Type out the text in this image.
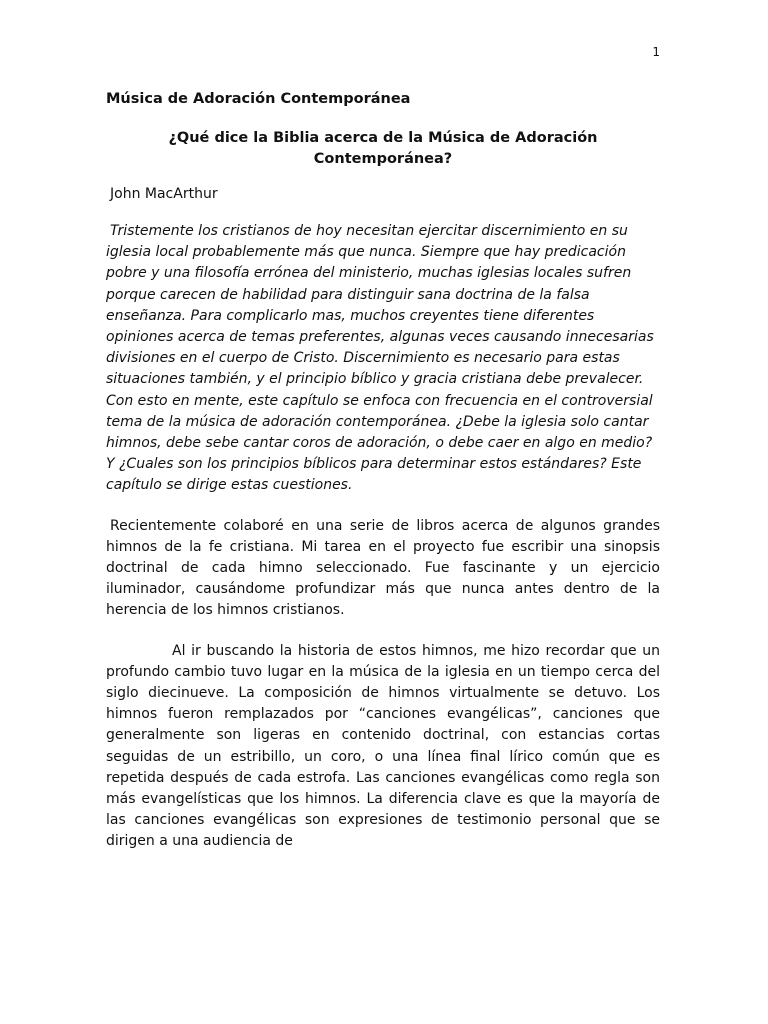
1
Música de Adoración Contemporánea
¿Qué dice la Biblia acerca de la Música de Adoración Contemporánea?

John MacArthur

Tristemente los cristianos de hoy necesitan ejercitar discernimiento en su iglesia local probablemente más que nunca. Siempre que hay predicación pobre y una filosofía errónea del ministerio, muchas iglesias locales sufren porque carecen de habilidad para distinguir sana doctrina de la falsa enseñanza. Para complicarlo mas, muchos creyentes tiene diferentes opiniones acerca de temas preferentes, algunas veces causando innecesarias divisiones en el cuerpo de Cristo. Discernimiento es necesario para estas situaciones también, y el principio bíblico y gracia cristiana debe prevalecer. Con esto en mente, este capítulo se enfoca con frecuencia en el controversial tema de la música de adoración contemporánea. ¿Debe la iglesia solo cantar himnos, debe sebe cantar coros de adoración, o debe caer en algo en medio? Y ¿Cuales son los principios bíblicos para determinar estos estándares? Este capítulo se dirige estas cuestiones.

Recientemente colaboré en una serie de libros acerca de algunos grandes himnos de la fe cristiana. Mi tarea en el proyecto fue escribir una sinopsis doctrinal de cada himno seleccionado. Fue fascinante y un ejercicio iluminador, causándome profundizar más que nunca antes dentro de la herencia de los himnos cristianos.

Al ir buscando la historia de estos himnos, me hizo recordar que un profundo cambio tuvo lugar en la música de la iglesia en un tiempo cerca del siglo diecinueve. La composición de himnos virtualmente se detuvo. Los himnos fueron remplazados por “canciones evangélicas”, canciones que generalmente son ligeras en contenido doctrinal, con estancias cortas seguidas de un estribillo, un coro, o una línea final lírico común que es repetida después de cada estrofa. Las canciones evangélicas como regla son más evangelísticas que los himnos. La diferencia clave es que la mayoría de las canciones evangélicas son expresiones de testimonio personal que se dirigen a una audiencia de
